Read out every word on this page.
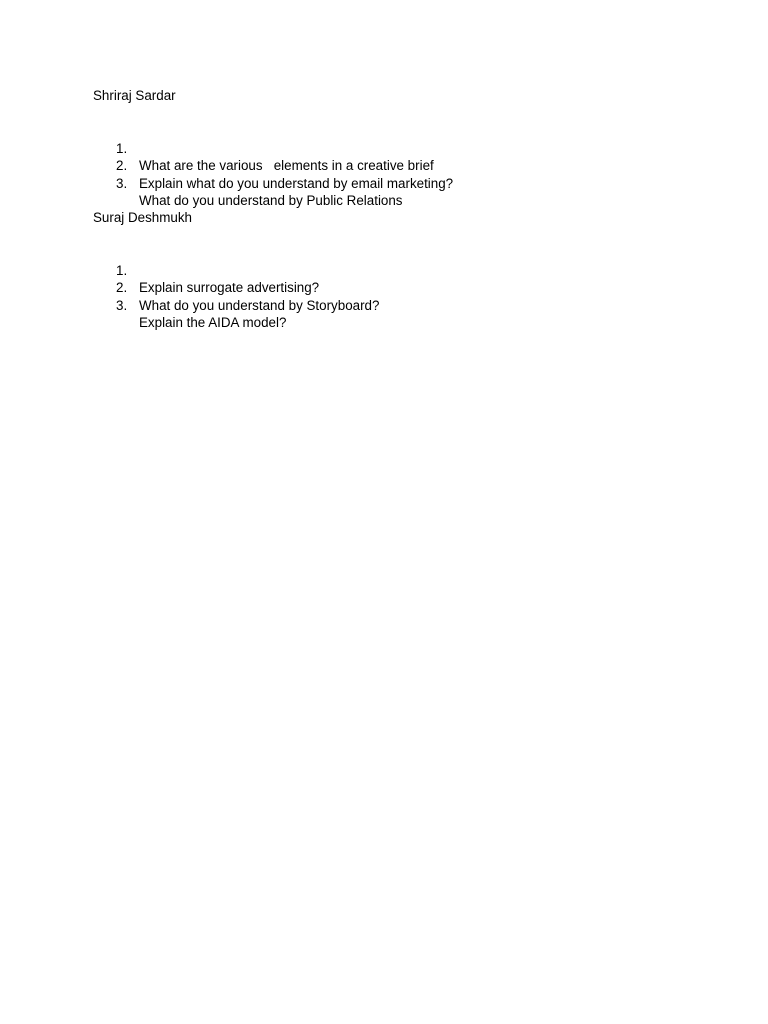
Shriraj Sardar

1.

What are the various   elements in a creative brief

2.

Explain what do you understand by email marketing?

3.

What do you understand by Public Relations

Suraj Deshmukh

1.

Explain surrogate advertising?

2.

What do you understand by Storyboard?

3.

Explain the AIDA model?
